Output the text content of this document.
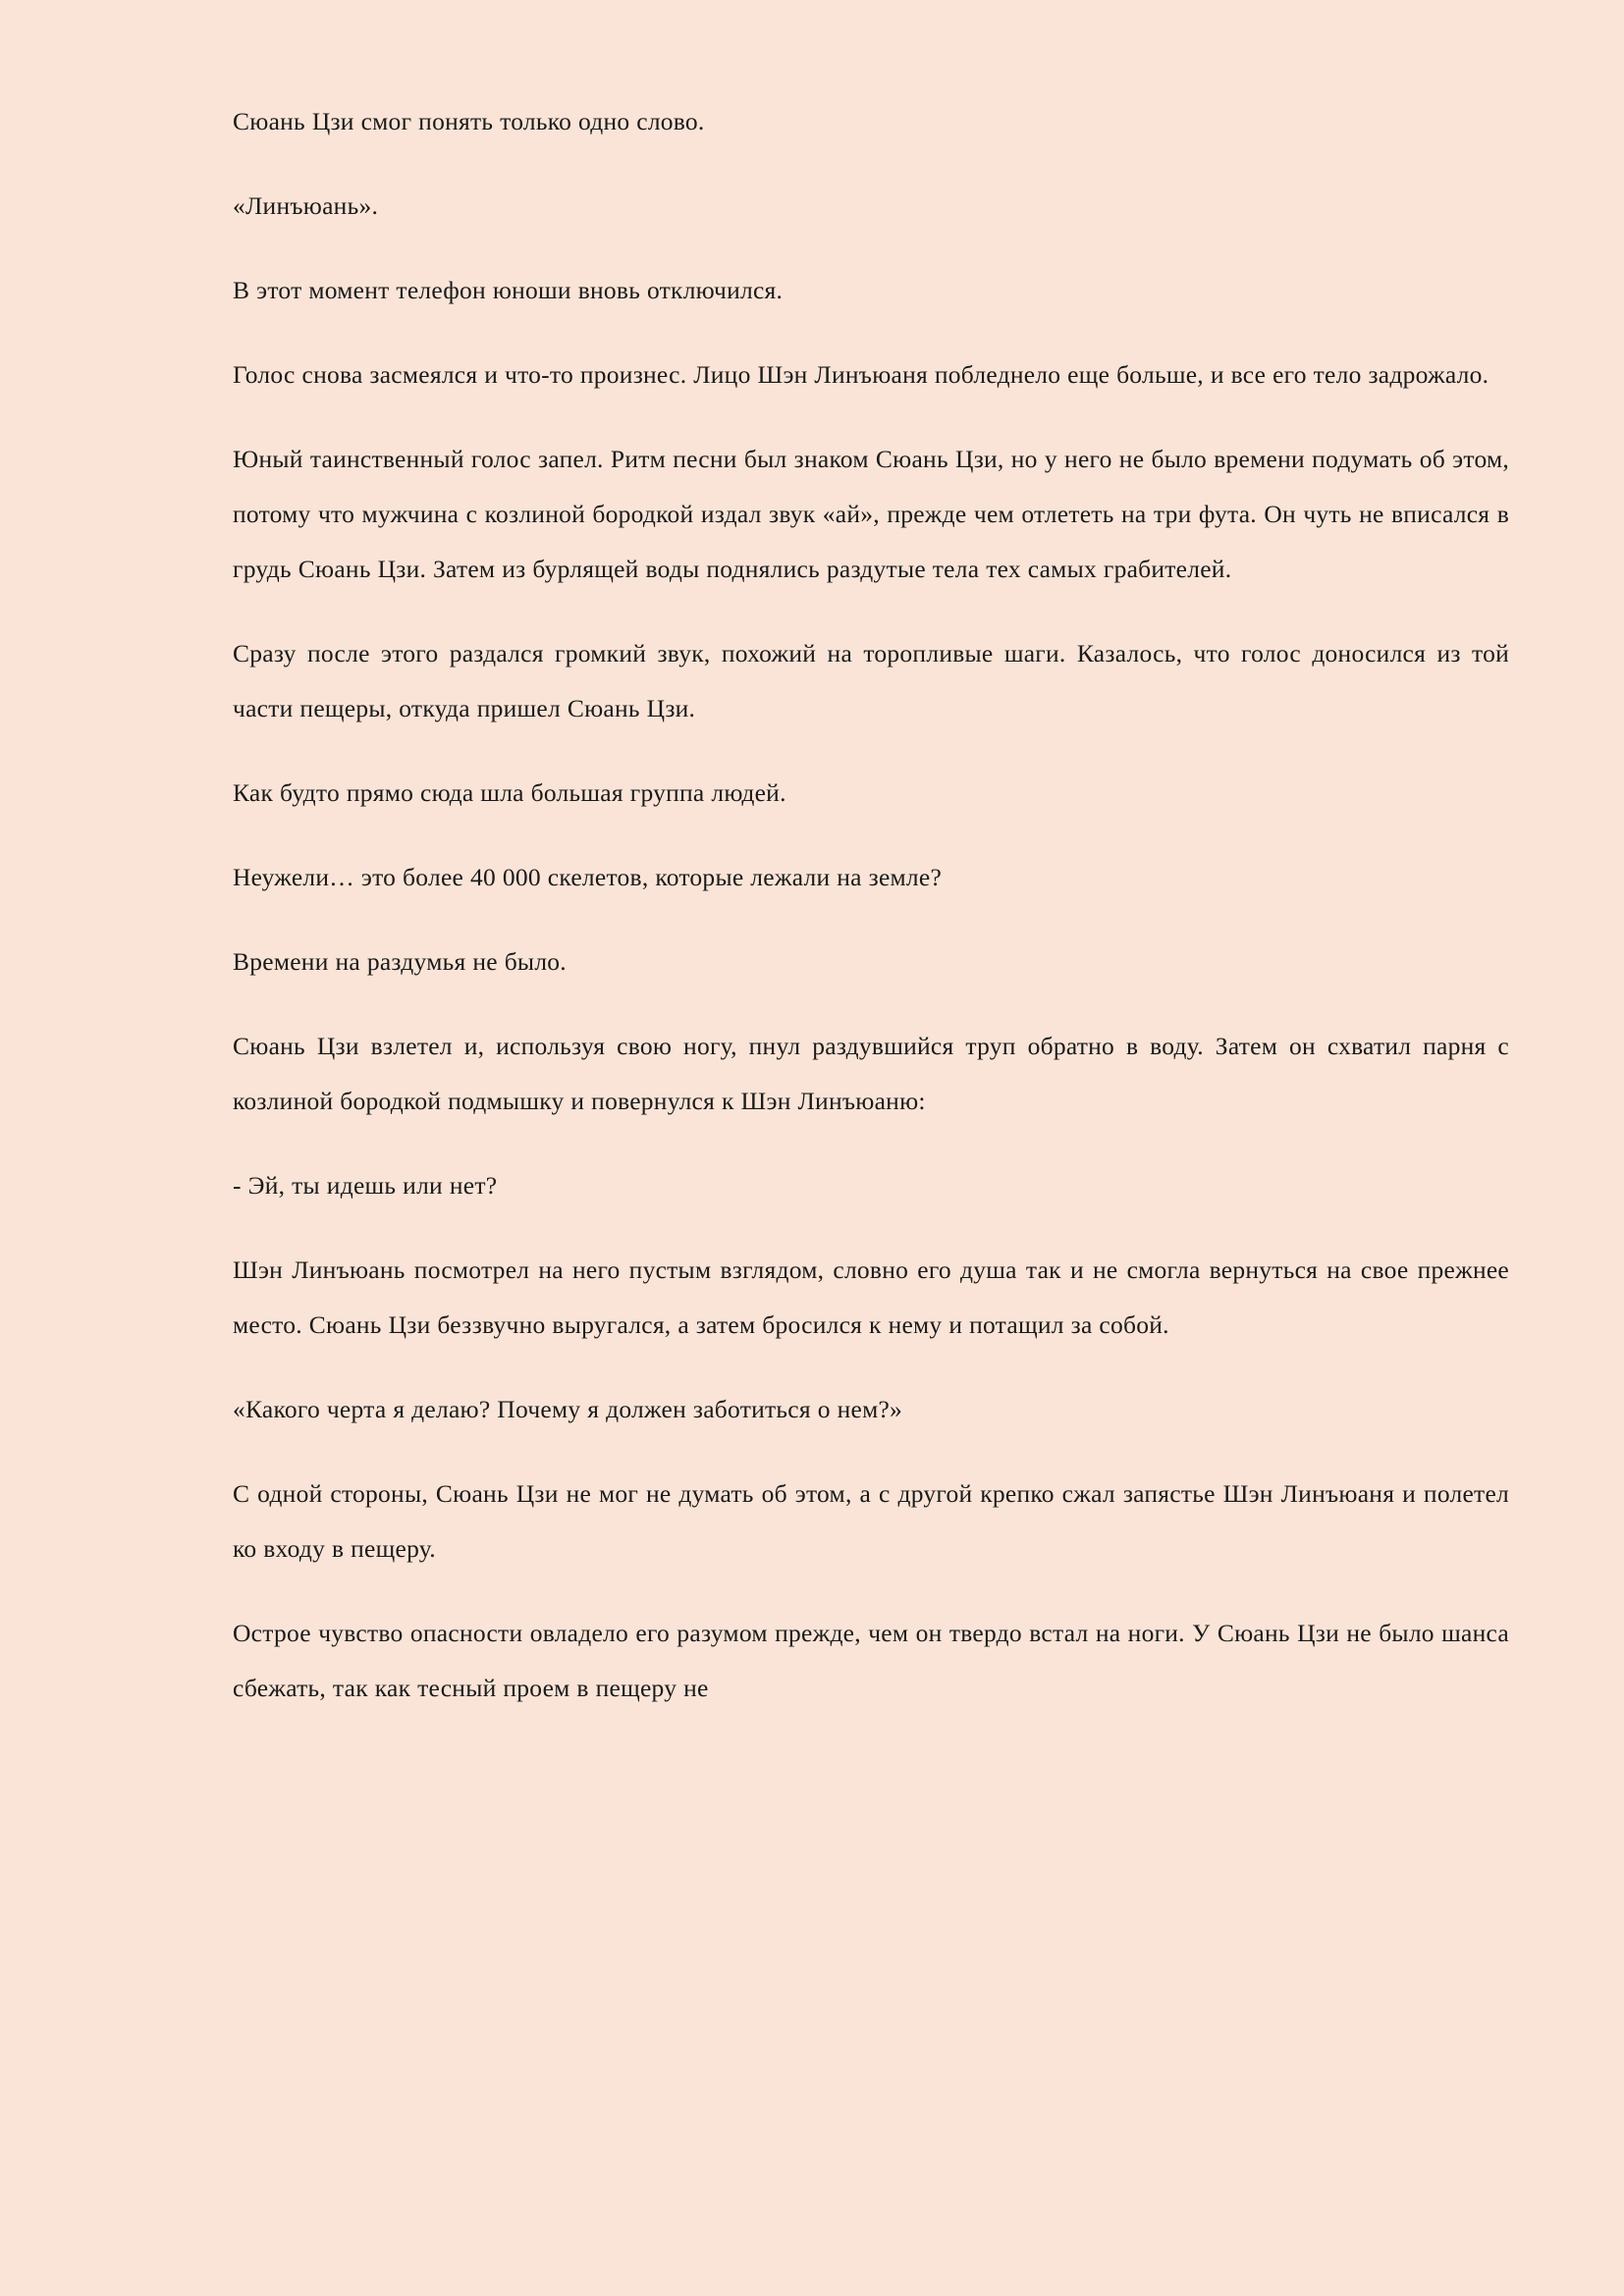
Сюань Цзи смог понять только одно слово.

«Линъюань».

В этот момент телефон юноши вновь отключился.

Голос снова засмеялся и что-то произнес. Лицо Шэн Линъюаня побледнело еще больше, и все его тело задрожало.

Юный таинственный голос запел. Ритм песни был знаком Сюань Цзи, но у него не было времени подумать об этом, потому что мужчина с козлиной бородкой издал звук «ай», прежде чем отлететь на три фута. Он чуть не вписался в грудь Сюань Цзи. Затем из бурлящей воды поднялись раздутые тела тех самых грабителей.

Сразу после этого раздался громкий звук, похожий на торопливые шаги. Казалось, что голос доносился из той части пещеры, откуда пришел Сюань Цзи.

Как будто прямо сюда шла большая группа людей.

Неужели… это более 40 000 скелетов, которые лежали на земле?

Времени на раздумья не было.

Сюань Цзи взлетел и, используя свою ногу, пнул раздувшийся труп обратно в воду. Затем он схватил парня с козлиной бородкой подмышку и повернулся к Шэн Линъюаню:

- Эй, ты идешь или нет?

Шэн Линъюань посмотрел на него пустым взглядом, словно его душа так и не смогла вернуться на свое прежнее место. Сюань Цзи беззвучно выругался, а затем бросился к нему и потащил за собой.

«Какого черта я делаю? Почему я должен заботиться о нем?»

С одной стороны, Сюань Цзи не мог не думать об этом, а с другой крепко сжал запястье Шэн Линъюаня и полетел ко входу в пещеру.

Острое чувство опасности овладело его разумом прежде, чем он твердо встал на ноги. У Сюань Цзи не было шанса сбежать, так как тесный проем в пещеру не
